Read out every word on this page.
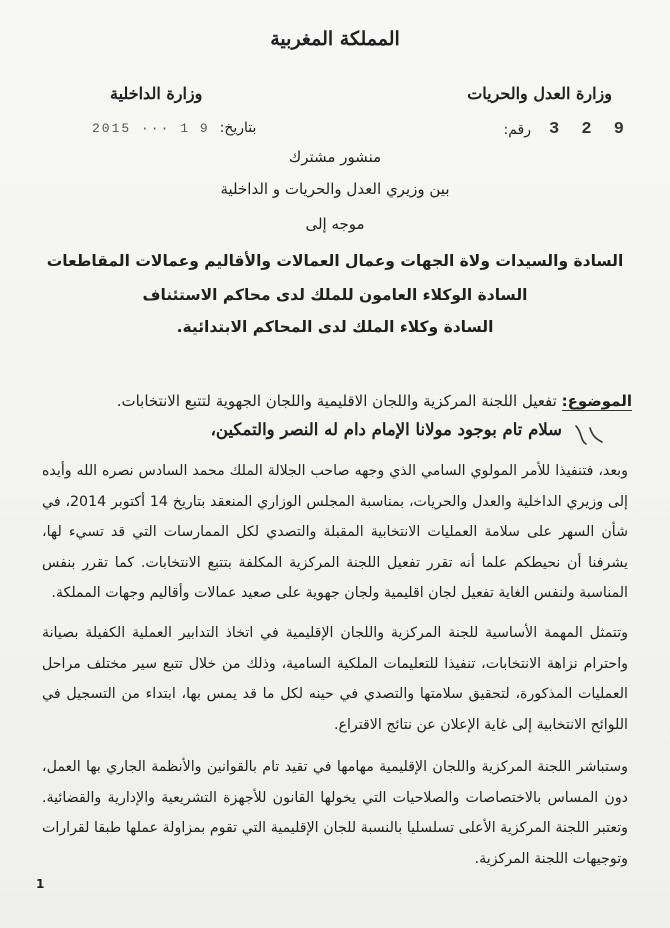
المملكة المغربية
وزارة العدل والحريات
وزارة الداخلية
رقم: 3 2 9
2015 ··· 1 9 بتاريخ:
منشور مشترك
بين وزيري العدل والحريات و الداخلية
موجه إلى
السادة والسيدات ولاة الجهات وعمال العمالات والأقاليم وعمالات المقاطعات
السادة الوكلاء العامون للملك لدى محاكم الاستئناف
السادة وكلاء الملك لدى المحاكم الابتدائية.
الموضوع: تفعيل اللجنة المركزية واللجان الاقليمية واللجان الجهوية لتتبع الانتخابات.
سلام تام بوجود مولانا الإمام دام له النصر والتمكين،
وبعد، فتنفيذا للأمر المولوي السامي الذي وجهه صاحب الجلالة الملك محمد السادس نصره الله وأيده إلى وزيري الداخلية والعدل والحريات، بمناسبة المجلس الوزاري المنعقد بتاريخ 14 أكتوبر 2014، في شأن السهر على سلامة العمليات الانتخابية المقبلة والتصدي لكل الممارسات التي قد تسيء لها، يشرفنا أن نحيطكم علما أنه تقرر تفعيل اللجنة المركزية المكلفة بتتبع الانتخابات. كما تقرر بنفس المناسبة ولنفس الغاية تفعيل لجان اقليمية ولجان جهوية على صعيد عمالات وأقاليم وجهات المملكة.
وتتمثل المهمة الأساسية للجنة المركزية واللجان الإقليمية في اتخاذ التدابير العملية الكفيلة بصيانة واحترام نزاهة الانتخابات، تنفيذا للتعليمات الملكية السامية، وذلك من خلال تتبع سير مختلف مراحل العمليات المذكورة، لتحقيق سلامتها والتصدي في حينه لكل ما قد يمس بها، ابتداء من التسجيل في اللوائح الانتخابية إلى غاية الإعلان عن نتائج الاقتراع.
وستباشر اللجنة المركزية واللجان الإقليمية مهامها في تقيد تام بالقوانين والأنظمة الجاري بها العمل، دون المساس بالاختصاصات والصلاحيات التي يخولها القانون للأجهزة التشريعية والإدارية والقضائية. وتعتبر اللجنة المركزية الأعلى تسلسليا بالنسبة للجان الإقليمية التي تقوم بمزاولة عملها طبقا لقرارات وتوجيهات اللجنة المركزية.
1
